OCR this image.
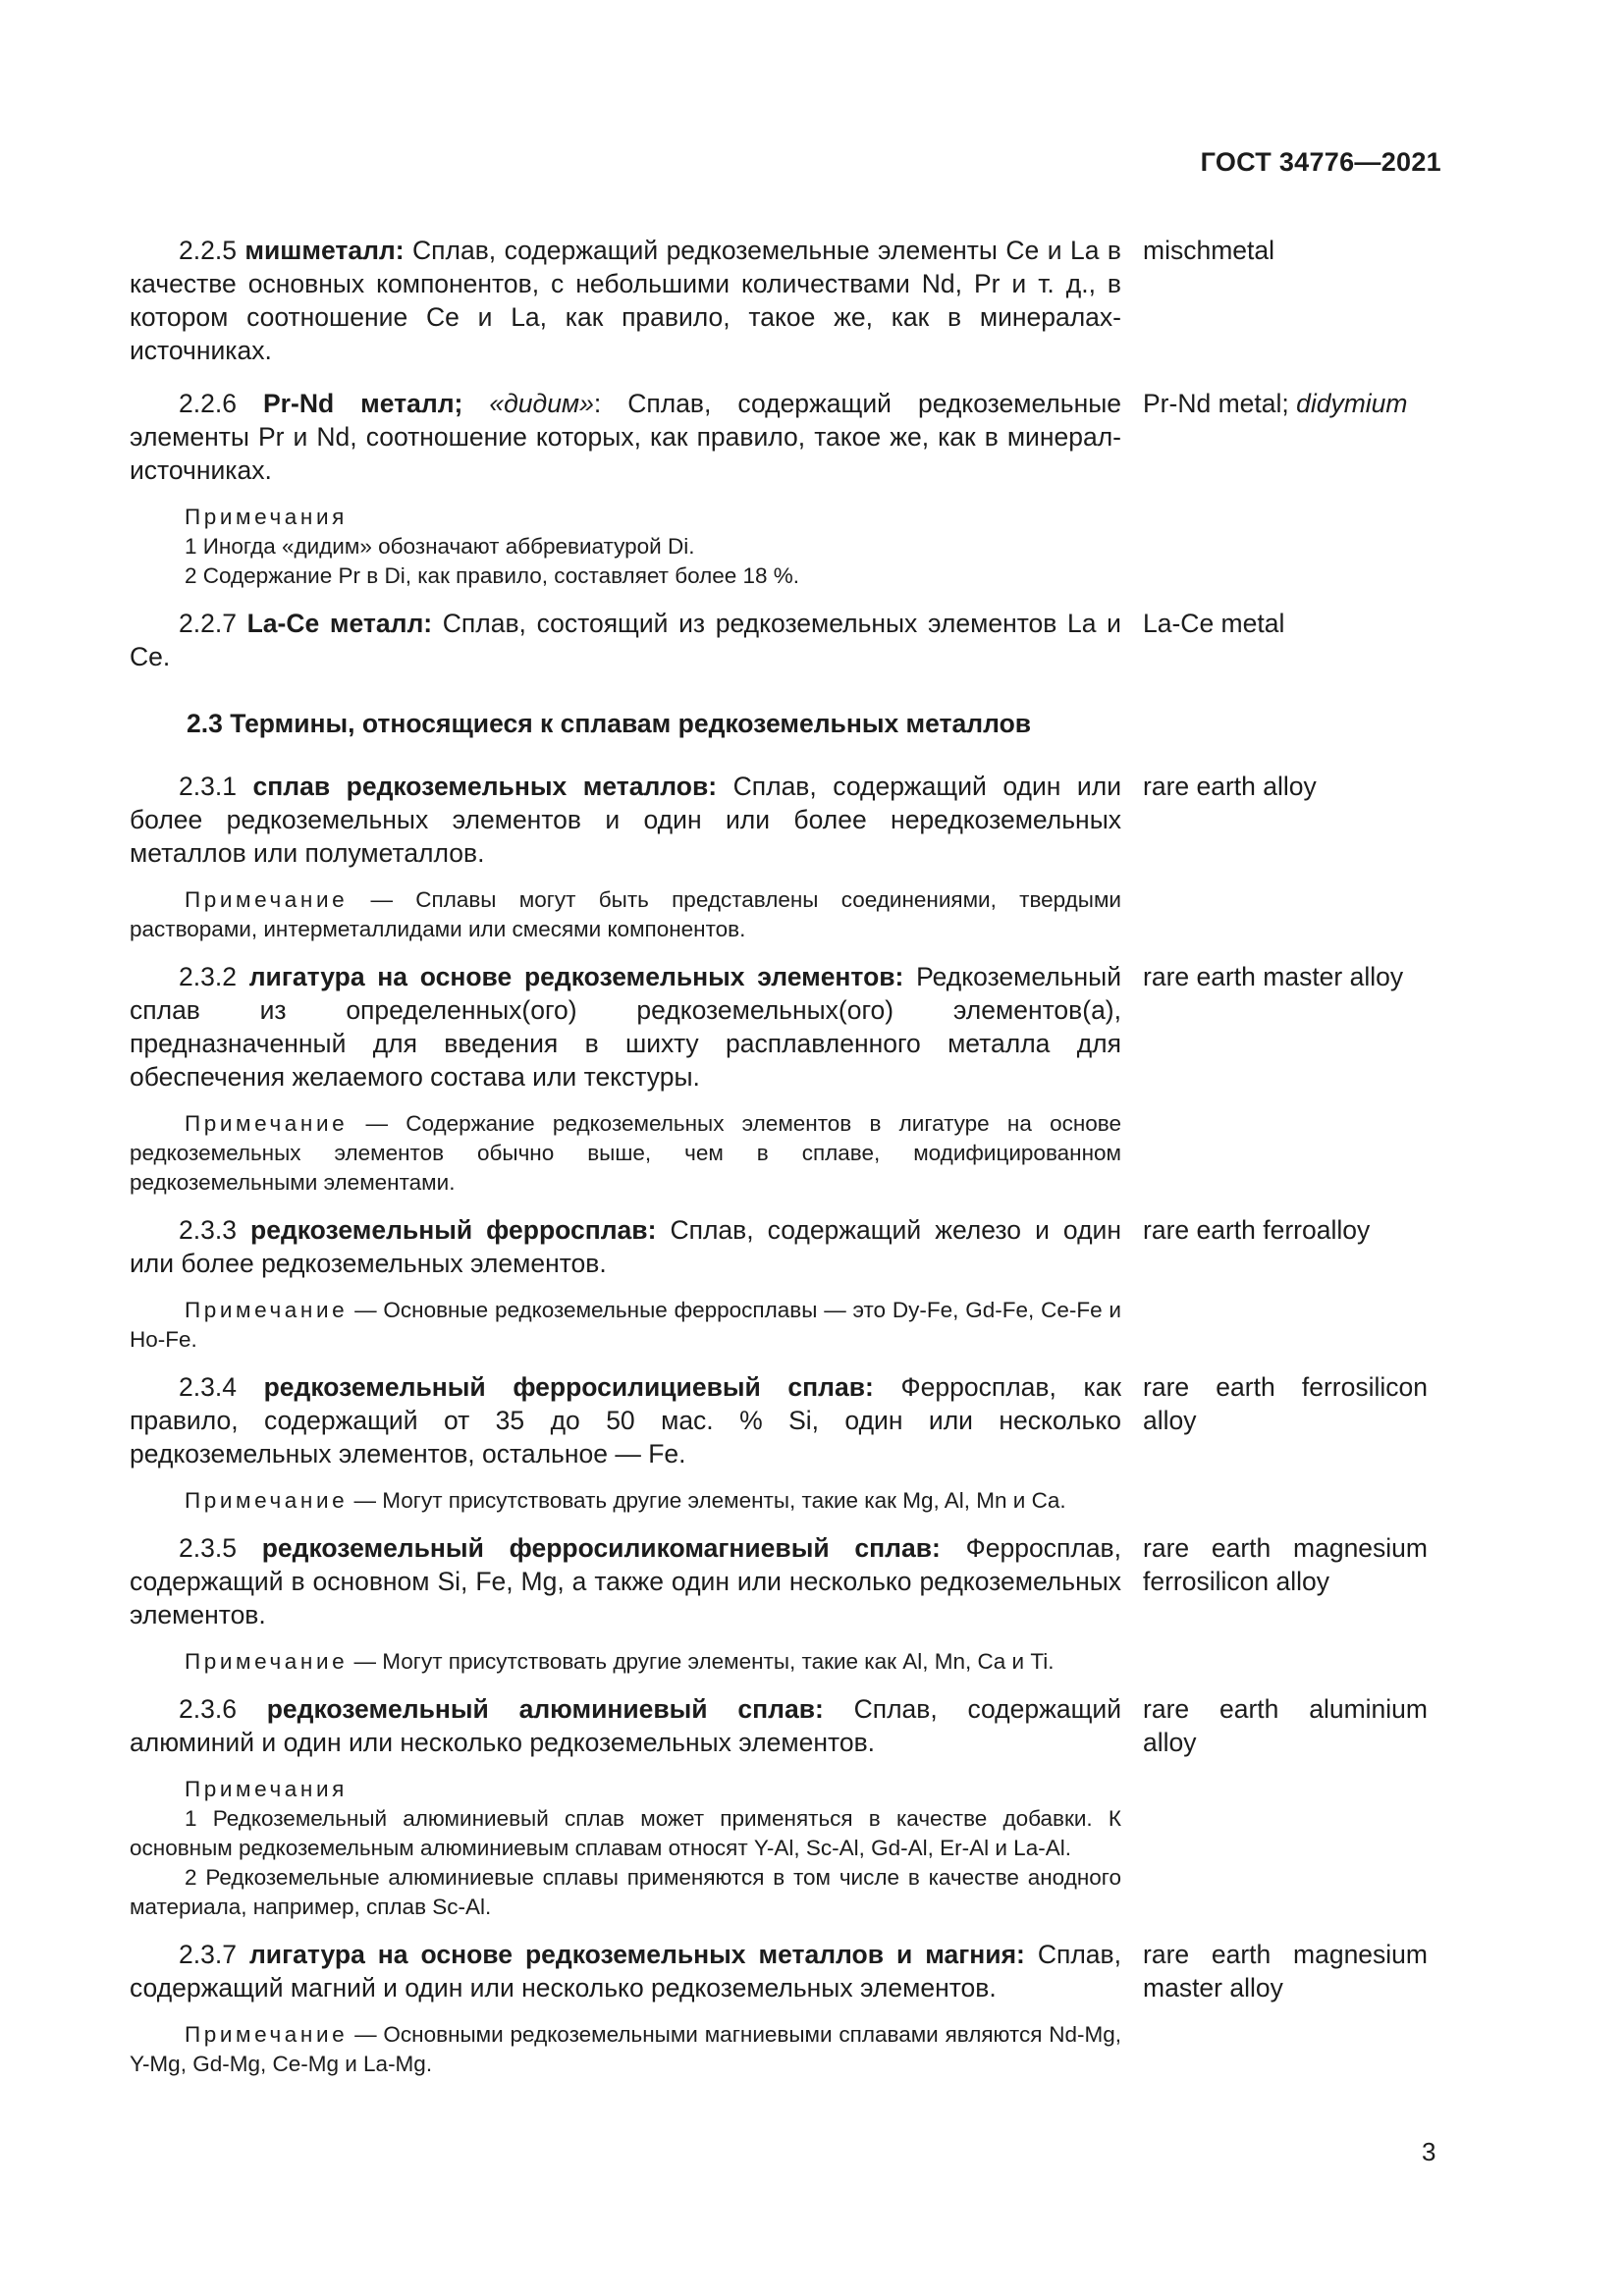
ГОСТ 34776—2021
2.2.5 мишметалл: Сплав, содержащий редкоземельные элементы Ce и La в качестве основных компонентов, с небольшими количествами Nd, Pr и т. д., в котором соотношение Ce и La, как правило, такое же, как в минералах-источниках.
mischmetal
2.2.6 Pr-Nd металл; «дидим»: Сплав, содержащий редкоземельные элементы Pr и Nd, соотношение которых, как правило, такое же, как в минерал-источниках.
Pr-Nd metal; didymium
Примечания
1 Иногда «дидим» обозначают аббревиатурой Di.
2 Содержание Pr в Di, как правило, составляет более 18 %.
2.2.7 La-Ce металл: Сплав, состоящий из редкоземельных элементов La и Ce.
La-Ce metal
2.3 Термины, относящиеся к сплавам редкоземельных металлов
2.3.1 сплав редкоземельных металлов: Сплав, содержащий один или более редкоземельных элементов и один или более нередкоземельных металлов или полуметаллов.
rare earth alloy
Примечание — Сплавы могут быть представлены соединениями, твердыми растворами, интерметаллидами или смесями компонентов.
2.3.2 лигатура на основе редкоземельных элементов: Редкоземельный сплав из определенных(ого) редкоземельных(ого) элементов(а), предназначенный для введения в шихту расплавленного металла для обеспечения желаемого состава или текстуры.
rare earth master alloy
Примечание — Содержание редкоземельных элементов в лигатуре на основе редкоземельных элементов обычно выше, чем в сплаве, модифицированном редкоземельными элементами.
2.3.3 редкоземельный ферросплав: Сплав, содержащий железо и один или более редкоземельных элементов.
rare earth ferroalloy
Примечание — Основные редкоземельные ферросплавы — это Dy-Fe, Gd-Fe, Ce-Fe и Ho-Fe.
2.3.4 редкоземельный ферросилициевый сплав: Ферросплав, как правило, содержащий от 35 до 50 мас. % Si, один или несколько редкоземельных элементов, остальное — Fe.
rare earth ferrosilicon alloy
Примечание — Могут присутствовать другие элементы, такие как Mg, Al, Mn и Ca.
2.3.5 редкоземельный ферросиликомагниевый сплав: Ферросплав, содержащий в основном Si, Fe, Mg, а также один или несколько редкоземельных элементов.
rare earth magnesium ferrosilicon alloy
Примечание — Могут присутствовать другие элементы, такие как Al, Mn, Ca и Ti.
2.3.6 редкоземельный алюминиевый сплав: Сплав, содержащий алюминий и один или несколько редкоземельных элементов.
rare earth aluminium alloy
Примечания
1 Редкоземельный алюминиевый сплав может применяться в качестве добавки. К основным редкоземельным алюминиевым сплавам относят Y-Al, Sc-Al, Gd-Al, Er-Al и La-Al.
2 Редкоземельные алюминиевые сплавы применяются в том числе в качестве анодного материала, например, сплав Sc-Al.
2.3.7 лигатура на основе редкоземельных металлов и магния: Сплав, содержащий магний и один или несколько редкоземельных элементов.
rare earth magnesium master alloy
Примечание — Основными редкоземельными магниевыми сплавами являются Nd-Mg, Y-Mg, Gd-Mg, Ce-Mg и La-Mg.
3
